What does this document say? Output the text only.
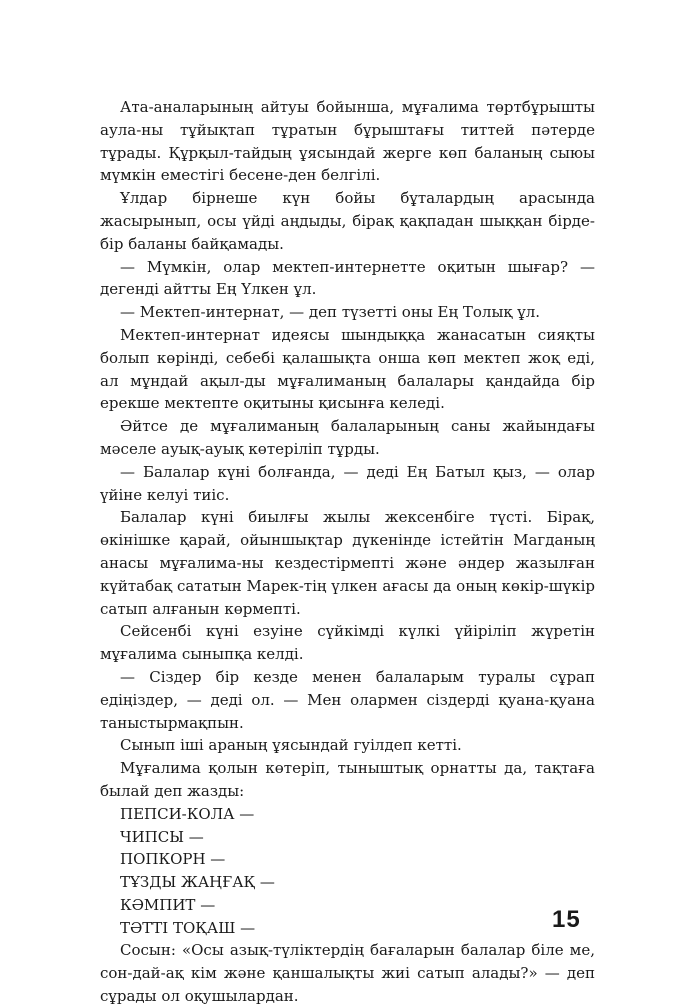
Ата-аналарының айтуы бойынша, мұғалима төртбұрышты аула-ны тұйықтап тұратын бұрыштағы титтей пәтерде тұрады. Құрқыл-тайдың ұясындай жерге көп баланың сыюы мүмкін еместігі бесене-ден белгілі.

Ұлдар бірнеше күн бойы бұталардың арасында жасырынып, осы үйді аңдыды, бірақ қақпадан шыққан бірде-бір баланы байқамады.

— Мүмкін, олар мектеп-интернетте оқитын шығар? — дегенді айтты Ең Үлкен ұл.

— Мектеп-интернат, — деп түзетті оны Ең Толық ұл.

Мектеп-интернат идеясы шындыққа жанасатын сияқты болып көрінді, себебі қалашықта онша көп мектеп жоқ еді, ал мұндай ақыл-ды мұғалиманың балалары қандайда бір ерекше мектепте оқитыны қисынға келеді.

Әйтсе де мұғалиманың балаларының саны жайындағы мәселе ауық-ауық көтеріліп тұрды.

— Балалар күні болғанда, — деді Ең Батыл қыз, — олар үйіне келуі тиіс.

Балалар күні биылғы жылы жексенбіге түсті. Бірақ, өкінішке қарай, ойыншықтар дүкенінде істейтін Магданың анасы мұғалима-ны кездестірмепті және әндер жазылған күйтабақ сататын Марек-тің үлкен ағасы да оның көкір-шүкір сатып алғанын көрмепті.

Сейсенбі күні езуіне сүйкімді күлкі үйіріліп жүретін мұғалима сыныпқа келді.

— Сіздер бір кезде менен балаларым туралы сұрап едіңіздер, — деді ол. — Мен олармен сіздерді қуана-қуана таныстырмақпын.

Сынып іші араның ұясындай гуілдеп кетті.

Мұғалима қолын көтеріп, тыныштық орнатты да, тақтаға былай деп жазды:

ПЕПСИ-КОЛА —

ЧИПСЫ —

ПОПКОРН —

ТҰЗДЫ ЖАҢҒАҚ —

КӘМПИТ —

ТӘТТІ ТОҚАШ —

Сосын: «Осы азық-түліктердің бағаларын балалар біле ме, сон-дай-ақ кім және қаншалықты жиі сатып алады?» — деп сұрады ол оқушылардан.

15
